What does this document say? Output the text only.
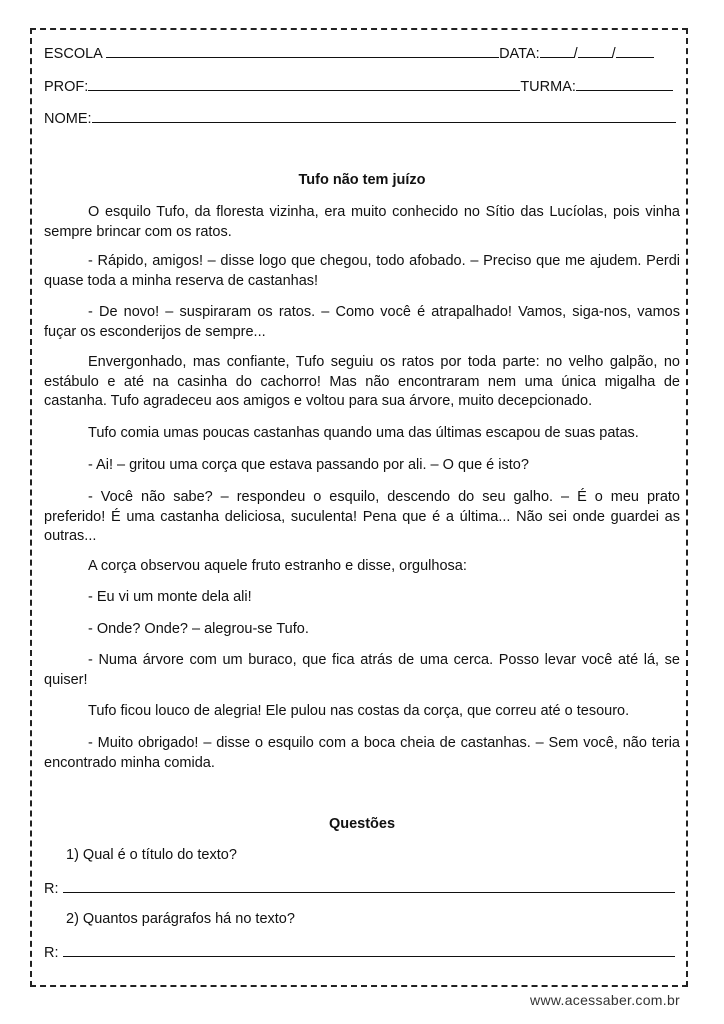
ESCOLA	DATA: / /
PROF:	TURMA:
NOME:
Tufo não tem juízo
O esquilo Tufo, da floresta vizinha, era muito conhecido no Sítio das Lucíolas, pois vinha sempre brincar com os ratos.
- Rápido, amigos! – disse logo que chegou, todo afobado. – Preciso que me ajudem. Perdi quase toda a minha reserva de castanhas!
- De novo! – suspiraram os ratos. – Como você é atrapalhado! Vamos, siga-nos, vamos fuçar os esconderijos de sempre...
Envergonhado, mas confiante, Tufo seguiu os ratos por toda parte: no velho galpão, no estábulo e até na casinha do cachorro! Mas não encontraram nem uma única migalha de castanha. Tufo agradeceu aos amigos e voltou para sua árvore, muito decepcionado.
Tufo comia umas poucas castanhas quando uma das últimas escapou de suas patas.
- Ai! – gritou uma corça que estava passando por ali. – O que é isto?
- Você não sabe? – respondeu o esquilo, descendo do seu galho. – É o meu prato preferido! É uma castanha deliciosa, suculenta! Pena que é a última... Não sei onde guardei as outras...
A corça observou aquele fruto estranho e disse, orgulhosa:
- Eu vi um monte dela ali!
- Onde? Onde? – alegrou-se Tufo.
- Numa árvore com um buraco, que fica atrás de uma cerca. Posso levar você até lá, se quiser!
Tufo ficou louco de alegria! Ele pulou nas costas da corça, que correu até o tesouro.
- Muito obrigado! – disse o esquilo com a boca cheia de castanhas. – Sem você, não teria encontrado minha comida.
Questões
1) Qual é o título do texto?
R:
2) Quantos parágrafos há no texto?
R:
www.acessaber.com.br
